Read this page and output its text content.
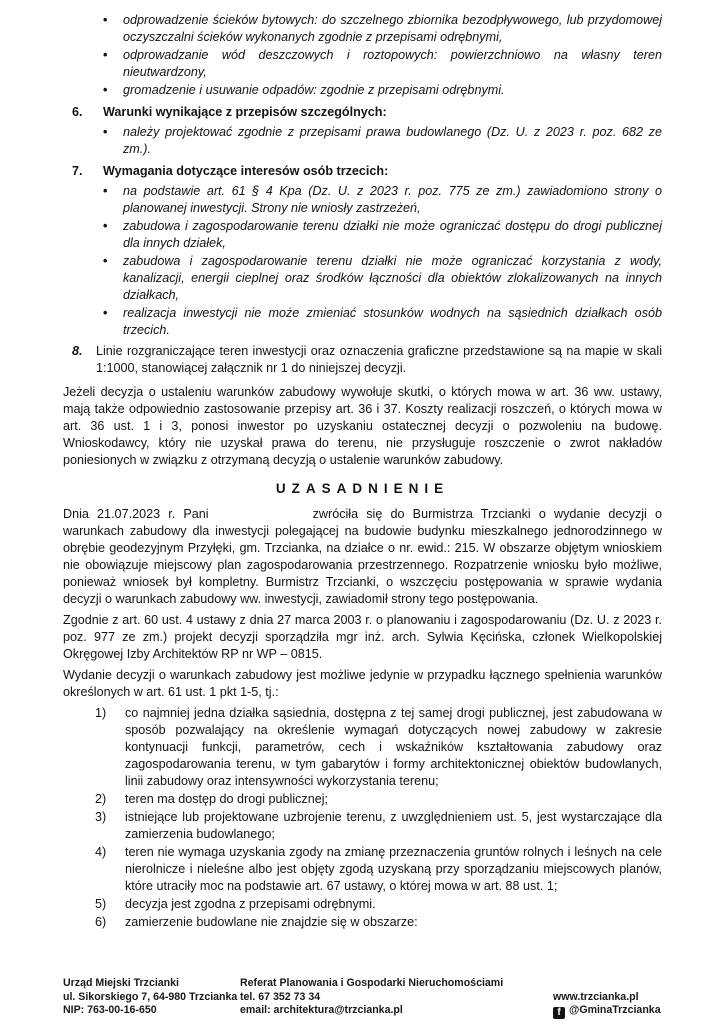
• odprowadzenie ścieków bytowych: do szczelnego zbiornika bezodpływowego, lub przydomowej oczyszczalni ścieków wykonanych zgodnie z przepisami odrębnymi,
• odprowadzanie wód deszczowych i roztopowych: powierzchniowo na własny teren nieutwardzony,
• gromadzenie i usuwanie odpadów: zgodnie z przepisami odrębnymi.
6.	Warunki wynikające z przepisów szczególnych:
• należy projektować zgodnie z przepisami prawa budowlanego (Dz. U. z 2023 r. poz. 682 ze zm.).
7.	Wymagania dotyczące interesów osób trzecich:
• na podstawie art. 61 § 4 Kpa (Dz. U. z 2023 r. poz. 775 ze zm.) zawiadomiono strony o planowanej inwestycji. Strony nie wniosły zastrzeżeń,
• zabudowa i zagospodarowanie terenu działki nie może ograniczać dostępu do drogi publicznej dla innych działek,
• zabudowa i zagospodarowanie terenu działki nie może ograniczać korzystania z wody, kanalizacji, energii cieplnej oraz środków łączności dla obiektów zlokalizowanych na innych działkach,
• realizacja inwestycji nie może zmieniać stosunków wodnych na sąsiednich działkach osób trzecich.
8.	Linie rozgraniczające teren inwestycji oraz oznaczenia graficzne przedstawione są na mapie w skali 1:1000, stanowiącej załącznik nr 1 do niniejszej decyzji.

Jeżeli decyzja o ustaleniu warunków zabudowy wywołuje skutki, o których mowa w art. 36 ww. ustawy, mają także odpowiednio zastosowanie przepisy art. 36 i 37. Koszty realizacji roszczeń, o których mowa w art. 36 ust. 1 i 3, ponosi inwestor po uzyskaniu ostatecznej decyzji o pozwoleniu na budowę. Wnioskodawcy, który nie uzyskał prawa do terenu, nie przysługuje roszczenie o zwrot nakładów poniesionych w związku z otrzymaną decyzją o ustalenie warunków zabudowy.

UZASADNIENIE

Dnia 21.07.2023 r. Pani	zwróciła się do Burmistrza Trzcianki o wydanie decyzji o warunkach zabudowy dla inwestycji polegającej na budowie budynku mieszkalnego jednorodzinnego w obrębie geodezyjnym Przyłęki, gm. Trzcianka, na działce o nr. ewid.: 215. W obszarze objętym wnioskiem nie obowiązuje miejscowy plan zagospodarowania przestrzennego. Rozpatrzenie wniosku było możliwe, ponieważ wniosek był kompletny. Burmistrz Trzcianki, o wszczęciu postępowania w sprawie wydania decyzji o warunkach zabudowy ww. inwestycji, zawiadomił strony tego postępowania.

Zgodnie z art. 60 ust. 4 ustawy z dnia 27 marca 2003 r. o planowaniu i zagospodarowaniu (Dz. U. z 2023 r. poz. 977 ze zm.) projekt decyzji sporządziła mgr inż. arch. Sylwia Kęcińska, członek Wielkopolskiej Okręgowej Izby Architektów RP nr WP – 0815.

Wydanie decyzji o warunkach zabudowy jest możliwe jedynie w przypadku łącznego spełnienia warunków określonych w art. 61 ust. 1 pkt 1-5, tj.:

1)	co najmniej jedna działka sąsiednia, dostępna z tej samej drogi publicznej, jest zabudowana w sposób pozwalający na określenie wymagań dotyczących nowej zabudowy w zakresie kontynuacji funkcji, parametrów, cech i wskaźników kształtowania zabudowy oraz zagospodarowania terenu, w tym gabarytów i formy architektonicznej obiektów budowlanych, linii zabudowy oraz intensywności wykorzystania terenu;
2)	teren ma dostęp do drogi publicznej;
3)	istniejące lub projektowane uzbrojenie terenu, z uwzględnieniem ust. 5, jest wystarczające dla zamierzenia budowlanego;
4)	teren nie wymaga uzyskania zgody na zmianę przeznaczenia gruntów rolnych i leśnych na cele nierolnicze i nieleśne albo jest objęty zgodą uzyskaną przy sporządzaniu miejscowych planów, które utraciły moc na podstawie art. 67 ustawy, o której mowa w art. 88 ust. 1;
5)	decyzja jest zgodna z przepisami odrębnymi.
6)	zamierzenie budowlane nie znajdzie się w obszarze:
Urząd Miejski Trzcianki
ul. Sikorskiego 7, 64-980 Trzcianka
NIP: 763-00-16-650
Referat Planowania i Gospodarki Nieruchomościami
tel. 67 352 73 34
email: architektura@trzcianka.pl
www.trzcianka.pl
f @GminaTrzcianka
